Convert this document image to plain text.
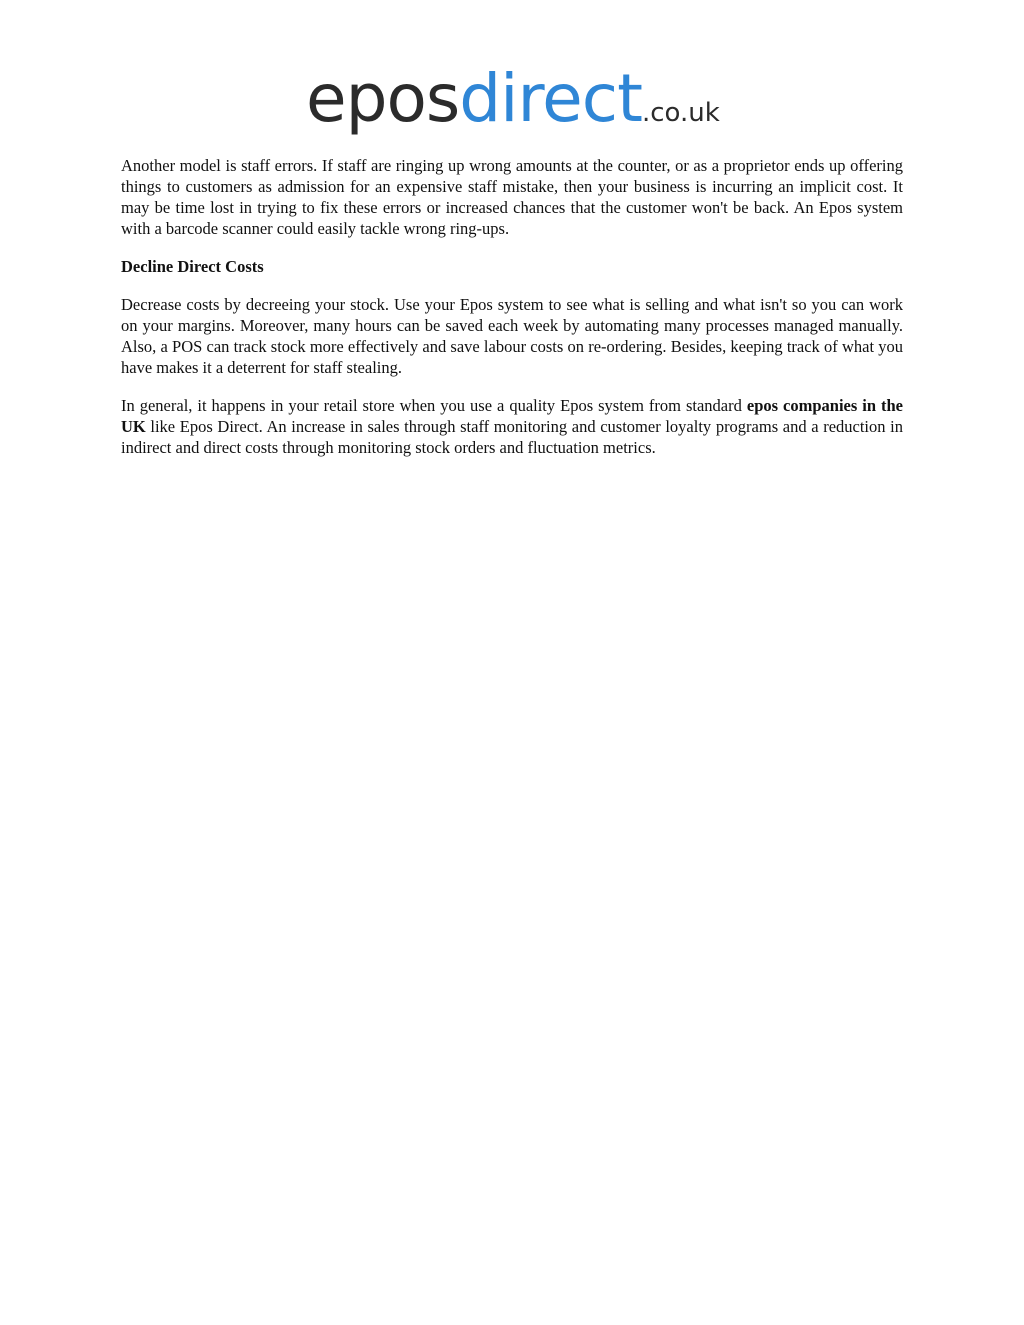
eposdirect.co.uk

Another model is staff errors. If staff are ringing up wrong amounts at the counter, or as a proprietor ends up offering things to customers as admission for an expensive staff mistake, then your business is incurring an implicit cost. It may be time lost in trying to fix these errors or increased chances that the customer won't be back. An Epos system with a barcode scanner could easily tackle wrong ring-ups.

Decline Direct Costs

Decrease costs by decreeing your stock. Use your Epos system to see what is selling and what isn't so you can work on your margins. Moreover, many hours can be saved each week by automating many processes managed manually. Also, a POS can track stock more effectively and save labour costs on re-ordering. Besides, keeping track of what you have makes it a deterrent for staff stealing.

In general, it happens in your retail store when you use a quality Epos system from standard epos companies in the UK like Epos Direct. An increase in sales through staff monitoring and customer loyalty programs and a reduction in indirect and direct costs through monitoring stock orders and fluctuation metrics.
